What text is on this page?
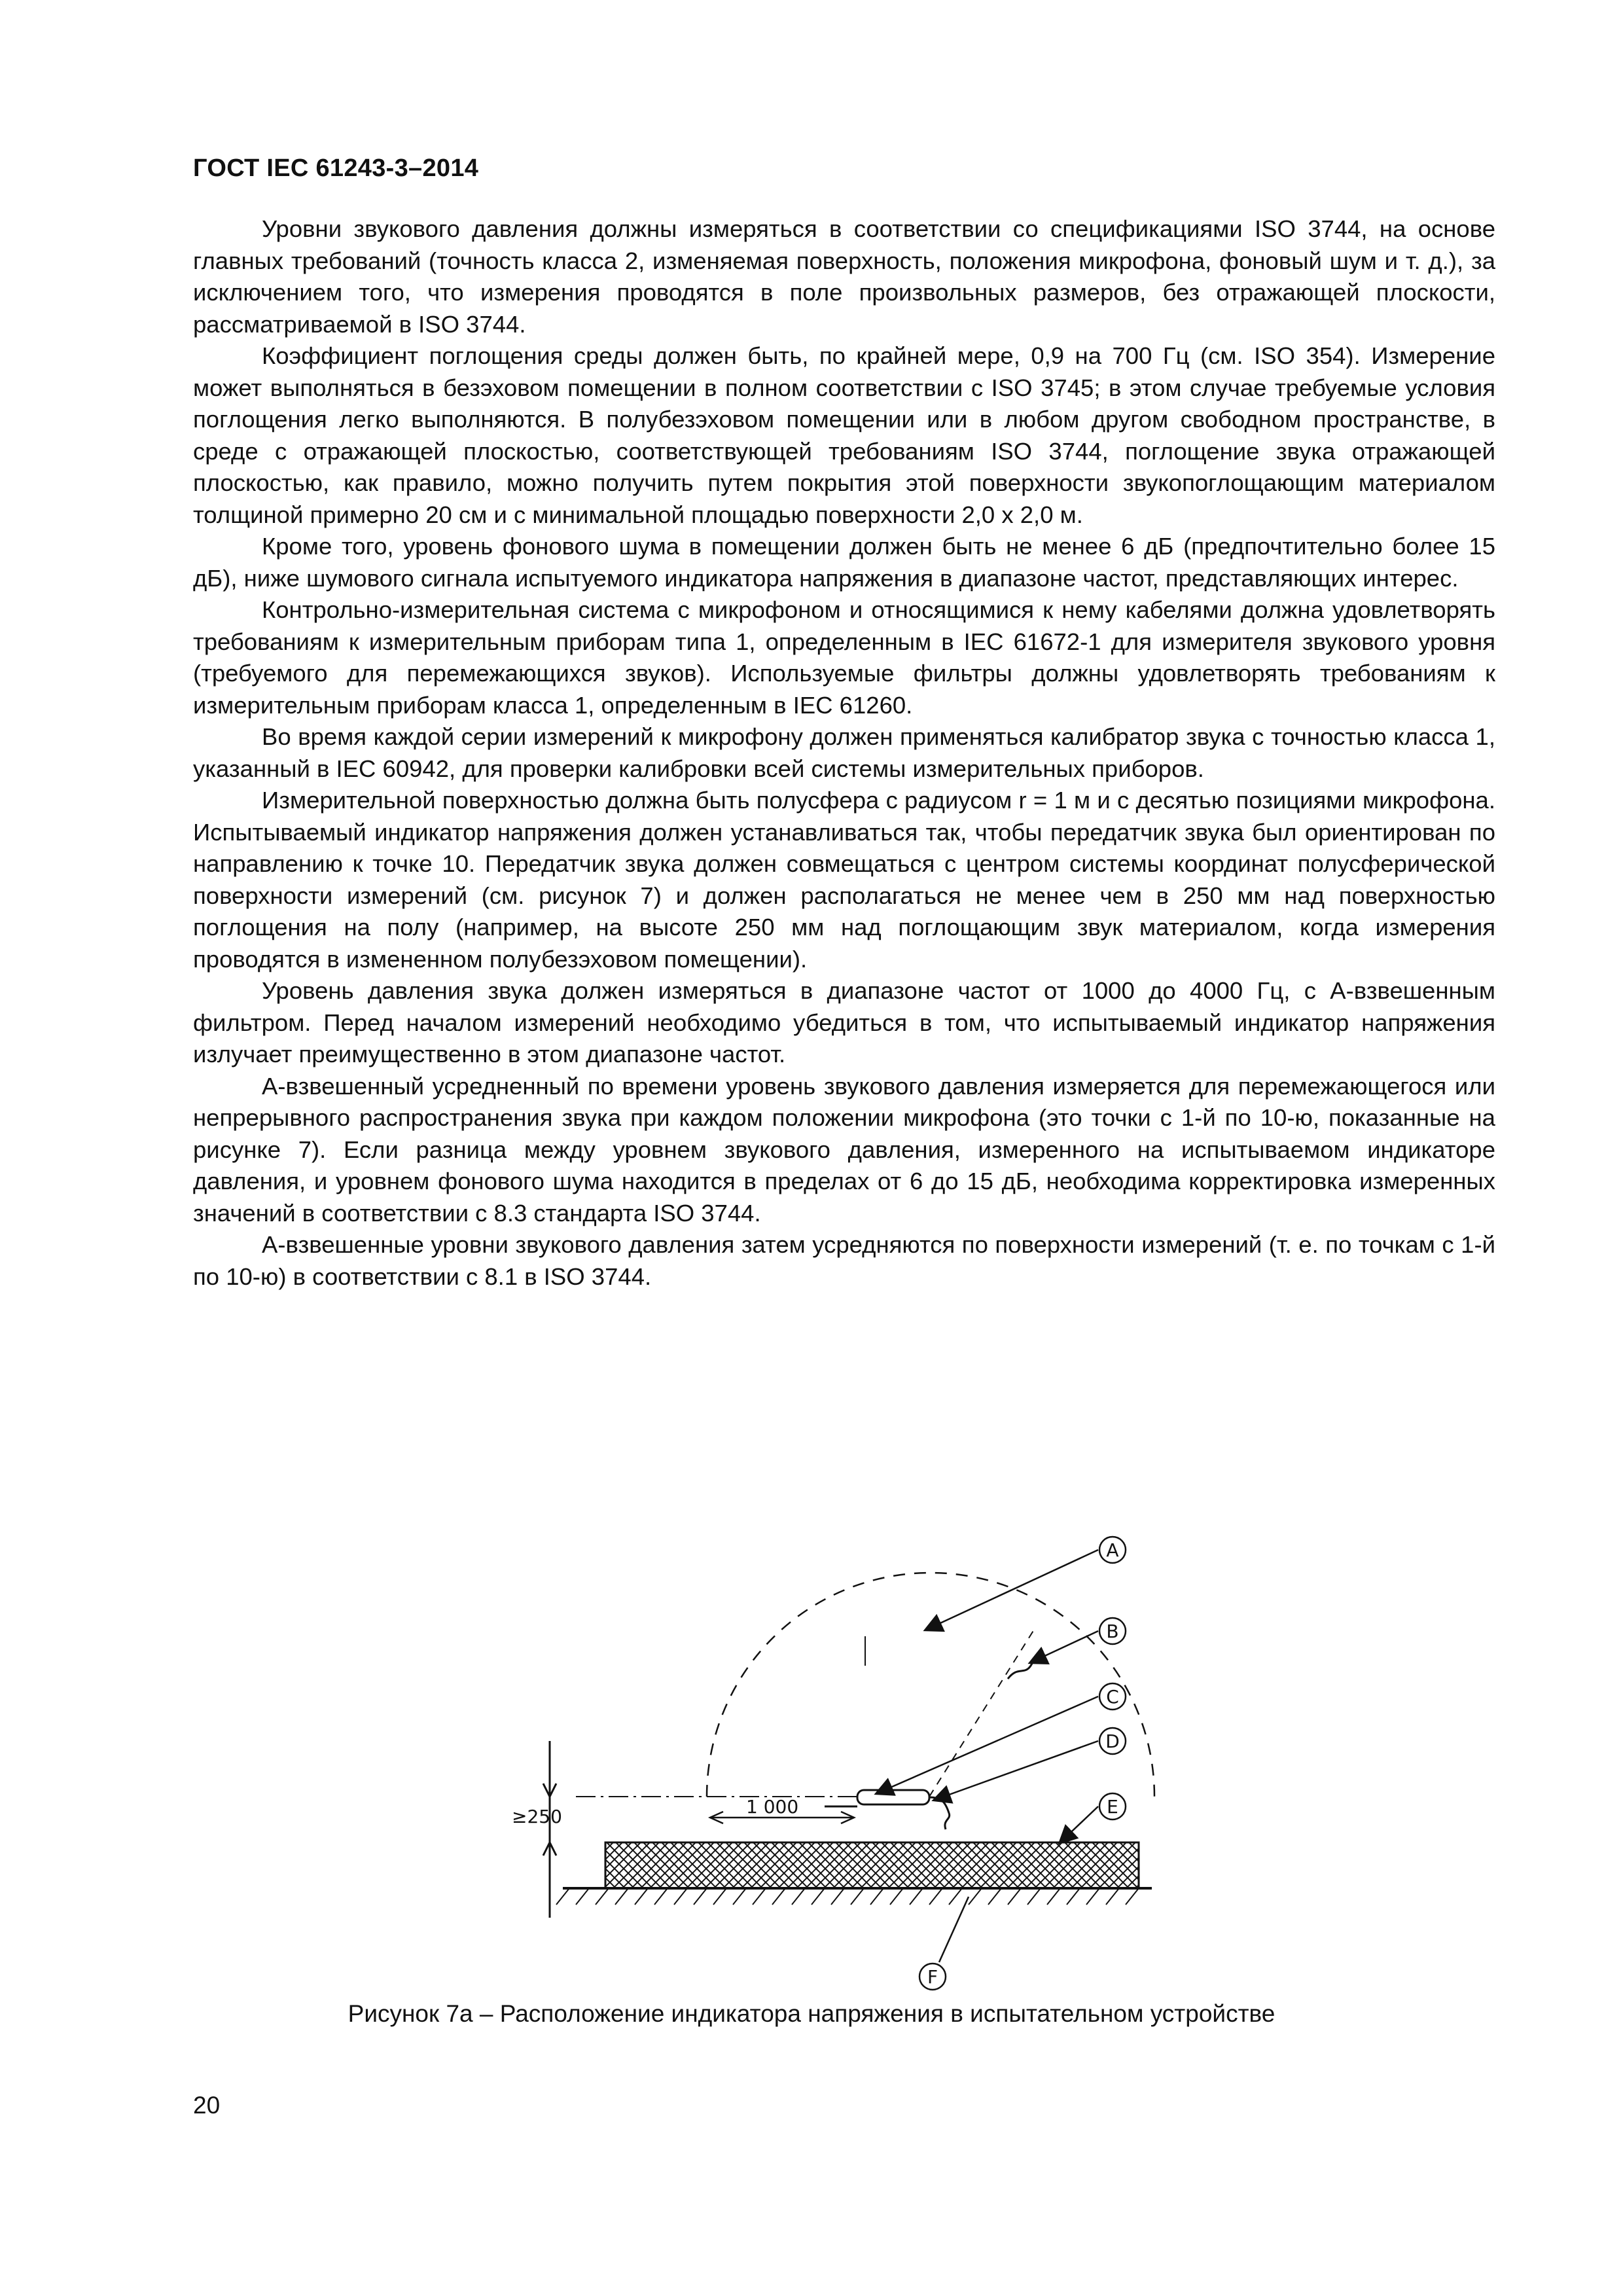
ГОСТ IEC 61243-3–2014

Уровни звукового давления должны измеряться в соответствии со спецификациями ISO 3744, на основе главных требований (точность класса 2, изменяемая поверхность, положения микрофона, фоновый шум и т. д.), за исключением того, что измерения проводятся в поле произвольных размеров, без отражающей плоскости, рассматриваемой в ISO 3744.

Коэффициент поглощения среды должен быть, по крайней мере, 0,9 на 700 Гц (см. ISO 354). Измерение может выполняться в безэховом помещении в полном соответствии с ISO 3745; в этом случае требуемые условия поглощения легко выполняются. В полубезэховом помещении или в любом другом свободном пространстве, в среде с отражающей плоскостью, соответствующей требованиям ISO 3744, поглощение звука отражающей плоскостью, как правило, можно получить путем покрытия этой поверхности звукопоглощающим материалом толщиной примерно 20 см и с минимальной площадью поверхности 2,0 х 2,0 м.

Кроме того, уровень фонового шума в помещении должен быть не менее 6 дБ (предпочтительно более 15 дБ), ниже шумового сигнала испытуемого индикатора напряжения в диапазоне частот, представляющих интерес.

Контрольно-измерительная система с микрофоном и относящимися к нему кабелями должна удовлетворять требованиям к измерительным приборам типа 1, определенным в IEC 61672-1 для измерителя звукового уровня (требуемого для перемежающихся звуков). Используемые фильтры должны удовлетворять требованиям к измерительным приборам класса 1, определенным в IEC 61260.

Во время каждой серии измерений к микрофону должен применяться калибратор звука с точностью класса 1, указанный в IEC 60942, для проверки калибровки всей системы измерительных приборов.

Измерительной поверхностью должна быть полусфера с радиусом r = 1 м и с десятью позициями микрофона. Испытываемый индикатор напряжения должен устанавливаться так, чтобы передатчик звука был ориентирован по направлению к точке 10. Передатчик звука должен совмещаться с центром системы координат полусферической поверхности измерений (см. рисунок 7) и должен располагаться не менее чем в 250 мм над поверхностью поглощения на полу (например, на высоте 250 мм над поглощающим звук материалом, когда измерения проводятся в измененном полубезэховом помещении).

Уровень давления звука должен измеряться в диапазоне частот от 1000 до 4000 Гц, с А-взвешенным фильтром. Перед началом измерений необходимо убедиться в том, что испытываемый индикатор напряжения излучает преимущественно в этом диапазоне частот.

А-взвешенный усредненный по времени уровень звукового давления измеряется для перемежающегося или непрерывного распространения звука при каждом положении микрофона (это точки с 1-й по 10-ю, показанные на рисунке 7). Если разница между уровнем звукового давления, измеренного на испытываемом индикаторе давления, и уровнем фонового шума находится в пределах от 6 до 15 дБ, необходима корректировка измеренных значений в соответствии с 8.3 стандарта ISO 3744.

А-взвешенные уровни звукового давления затем усредняются по поверхности измерений (т. е. по точкам с 1-й по 10-ю) в соответствии с 8.1 в ISO 3744.

≥250	1 000
A
B
C
D
E
F
Рисунок 7а – Расположение индикатора напряжения в испытательном устройстве
20
